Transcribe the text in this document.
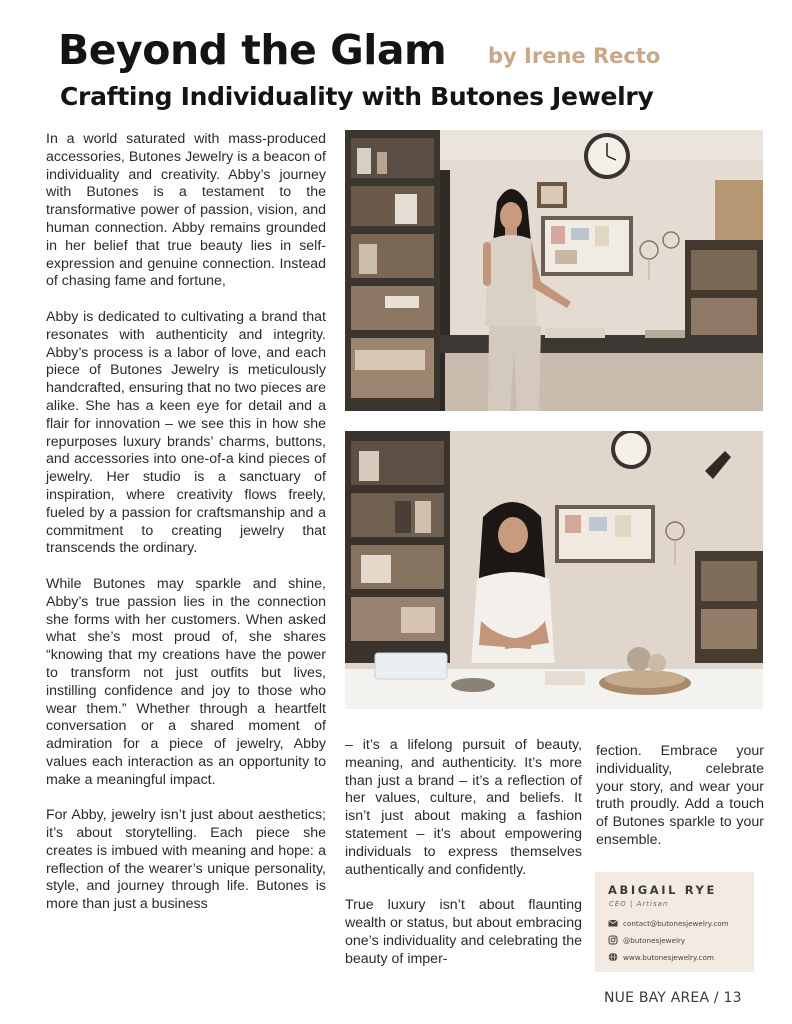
Beyond the Glam by Irene Recto
Crafting Individuality with Butones Jewelry

In a world saturated with mass-produced accessories, Butones Jewelry is a beacon of individuality and creativity. Abby’s journey with Butones is a testament to the transformative power of passion, vision, and human connection. Abby remains grounded in her belief that true beauty lies in self-expression and genuine connection. Instead of chasing fame and fortune,

Abby is dedicated to cultivating a brand that resonates with authenticity and integrity. Abby’s process is a labor of love, and each piece of Butones Jewelry is meticulously handcrafted, ensuring that no two pieces are alike. She has a keen eye for detail and a flair for innovation – we see this in how she repurposes luxury brands’ charms, buttons, and accessories into one-of-a kind pieces of jewelry. Her studio is a sanctuary of inspiration, where creativity flows freely, fueled by a passion for craftsmanship and a commitment to creating jewelry that transcends the ordinary.

While Butones may sparkle and shine, Abby’s true passion lies in the connection she forms with her customers. When asked what she’s most proud of, she shares “knowing that my creations have the power to transform not just outfits but lives, instilling confidence and joy to those who wear them.” Whether through a heartfelt conversation or a shared moment of admiration for a piece of jewelry, Abby values each interaction as an opportunity to make a meaningful impact.

For Abby, jewelry isn’t just about aesthetics; it’s about storytelling. Each piece she creates is imbued with meaning and hope: a reflection of the wearer’s unique personality, style, and journey through life. Butones is more than just a business

– it’s a lifelong pursuit of beauty, meaning, and authenticity. It’s more than just a brand – it’s a reflection of her values, culture, and beliefs. It isn’t just about making a fashion statement – it’s about empowering individuals to express themselves authentically and confidently.

True luxury isn’t about flaunting wealth or status, but about embracing one’s individuality and celebrating the beauty of imper-

fection. Embrace your individuality, celebrate your story, and wear your truth proudly. Add a touch of Butones sparkle to your ensemble.

ABIGAIL RYE
CEO | Artisan
contact@butonesjewelry.com
@butonesjewelry
www.butonesjewelry.com
NUE BAY AREA / 13
